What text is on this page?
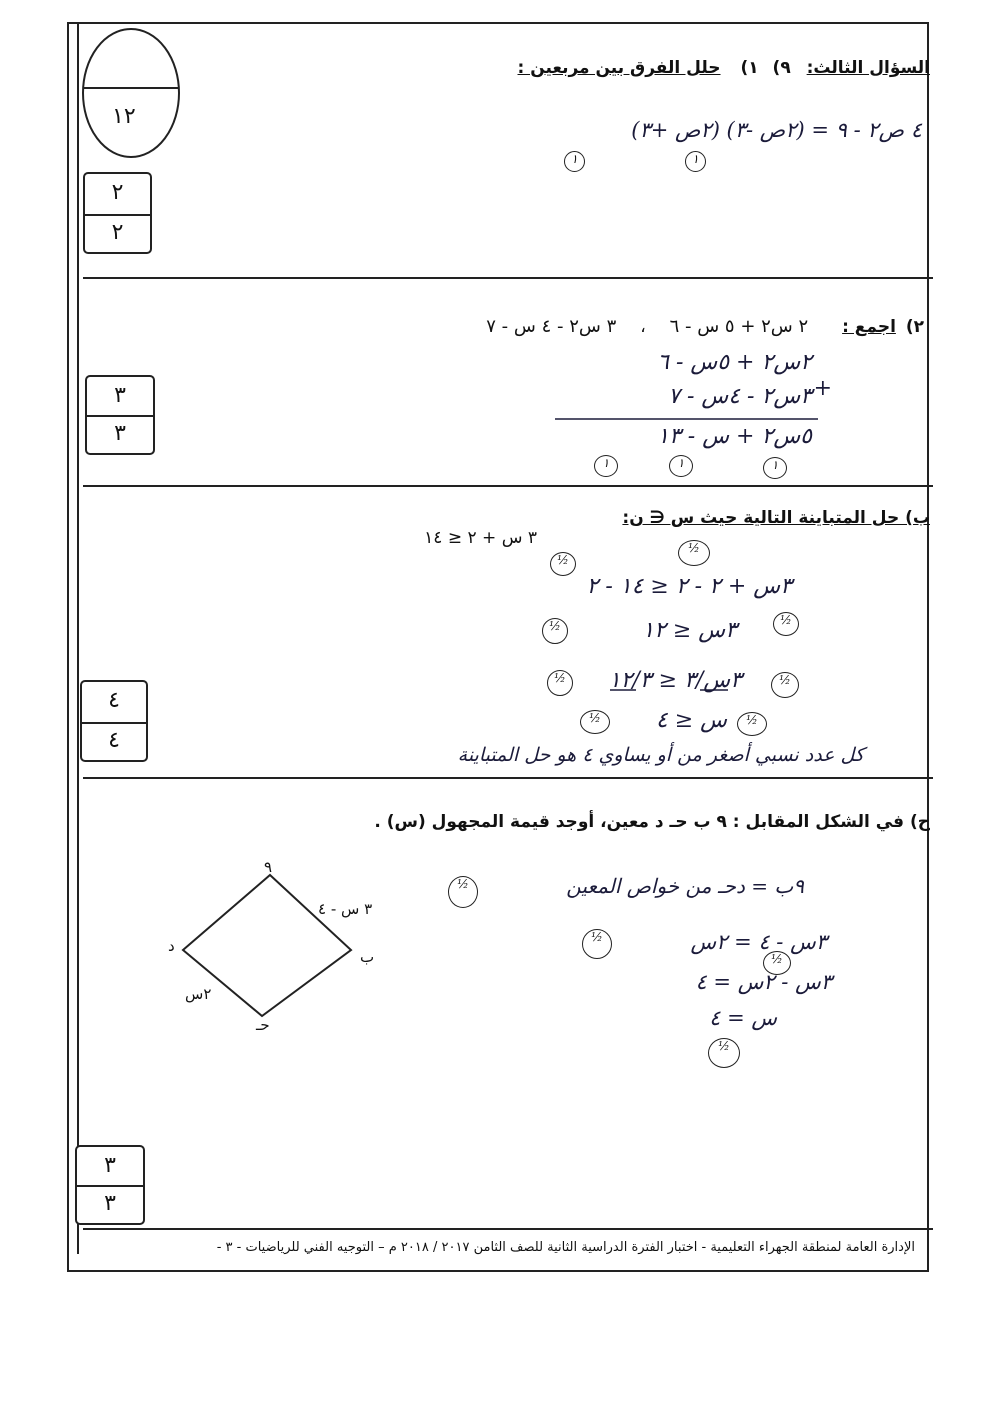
١٢
السؤال الثالث: ٩) ١) حلل الفرق بين مربعين :
٤ ص٢ - ٩ = (٢ص -٣) (٢ص +٣)
١	١
٢
٢
٢) اجمع : ٢ س٢ + ٥ س - ٦ ، ٣ س٢ - ٤ س - ٧
٢س٢ + ٥س - ٦
+
٣س٢ - ٤س - ٧
٥س٢ + س - ١٣
١	١	١
٣
٣
ب) حل المتباينة التالية حيث س ∈ ن:
٣ س + ٢ ≤ ١٤
½
½
٣س + ٢ - ٢ ≤ ١٤ - ٢
½	٣س ≤ ١٢	½
½	٣س/٣ ≤ ١٢/٣	½
½	س ≤ ٤	½
كل عدد نسبي أصغر من أو يساوي ٤ هو حل المتباينة
٤
٤
ح) في الشكل المقابل : ٩ ب حـ د معين، أوجد قيمة المجهول (س) .
٩
ب
حـ
د
٣ س - ٤
٢س
½	٩ب = دحـ من خواص المعين
½	٣س - ٤ = ٢س
½
٣س - ٢س = ٤
س = ٤
½
٣
٣
الإدارة العامة لمنطقة الجهراء التعليمية - اختبار الفترة الدراسية الثانية للصف الثامن ٢٠١٧ / ٢٠١٨ م – التوجيه الفني للرياضيات - ٣ -
